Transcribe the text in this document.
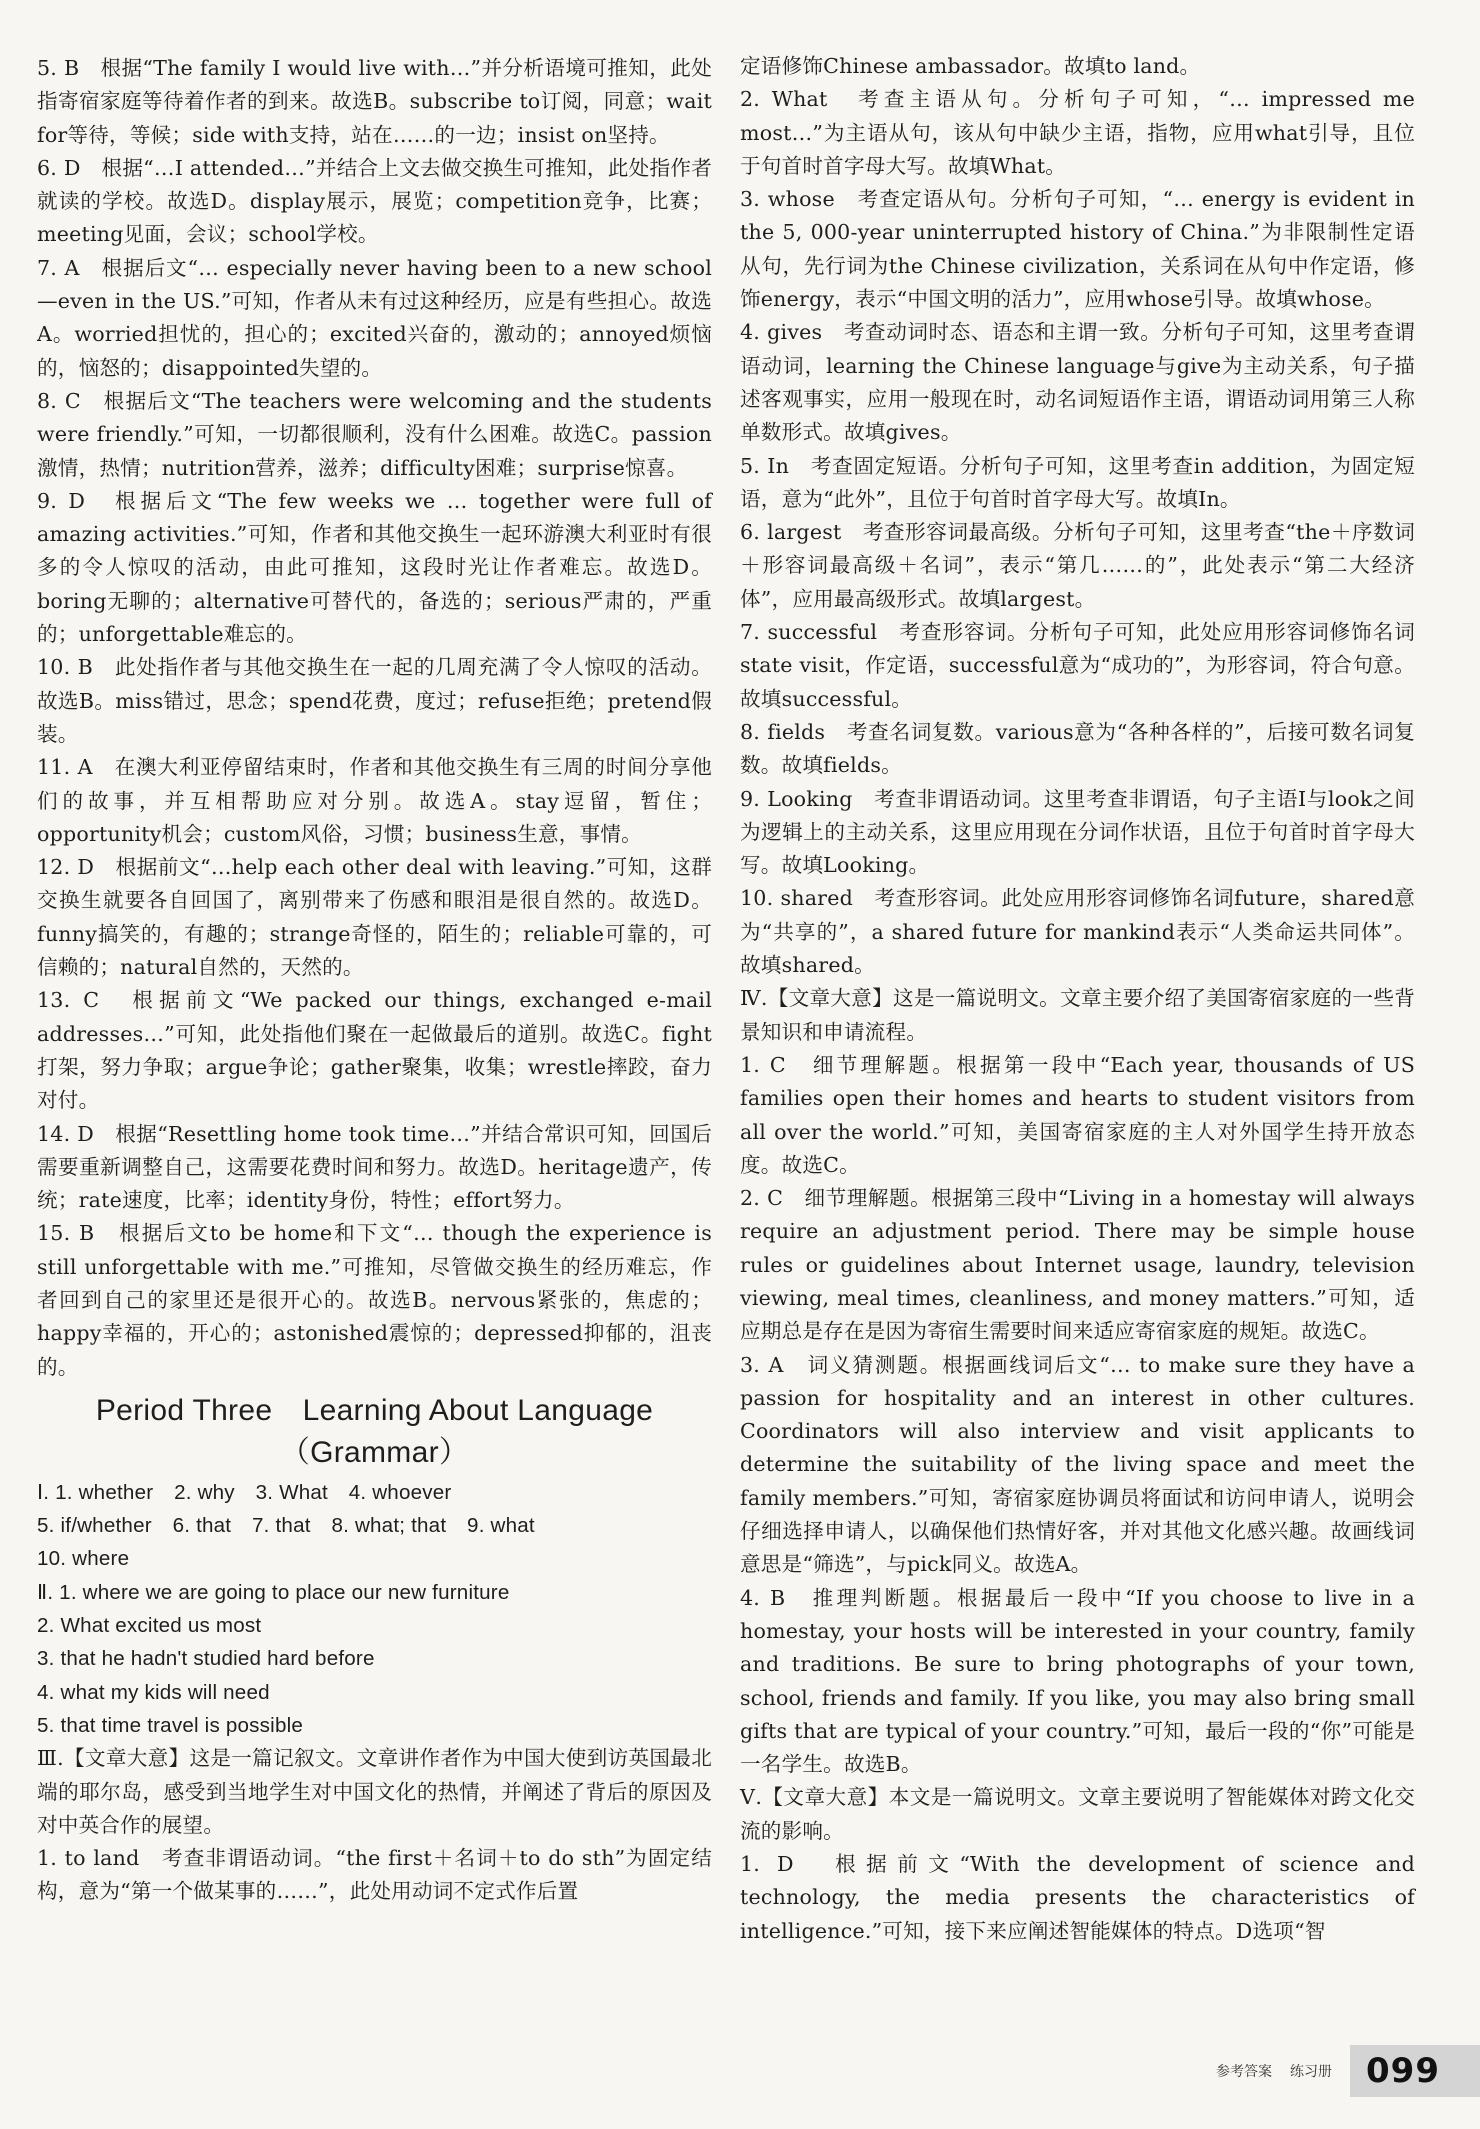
5. B　根据“The family I would live with…”并分析语境可推知，此处指寄宿家庭等待着作者的到来。故选B。subscribe to订阅，同意；wait for等待，等候；side with支持，站在……的一边；insist on坚持。

6. D　根据“…I attended…”并结合上文去做交换生可推知，此处指作者就读的学校。故选D。display展示，展览；competition竞争，比赛；meeting见面，会议；school学校。

7. A　根据后文“… especially never having been to a new school—even in the US.”可知，作者从未有过这种经历，应是有些担心。故选A。worried担忧的，担心的；excited兴奋的，激动的；annoyed烦恼的，恼怒的；disappointed失望的。

8. C　根据后文“The teachers were welcoming and the students were friendly.”可知，一切都很顺利，没有什么困难。故选C。passion激情，热情；nutrition营养，滋养；difficulty困难；surprise惊喜。

9. D　根据后文“The few weeks we … together were full of amazing activities.”可知，作者和其他交换生一起环游澳大利亚时有很多的令人惊叹的活动，由此可推知，这段时光让作者难忘。故选D。boring无聊的；alternative可替代的，备选的；serious严肃的，严重的；unforgettable难忘的。

10. B　此处指作者与其他交换生在一起的几周充满了令人惊叹的活动。故选B。miss错过，思念；spend花费，度过；refuse拒绝；pretend假装。

11. A　在澳大利亚停留结束时，作者和其他交换生有三周的时间分享他们的故事，并互相帮助应对分别。故选A。stay逗留，暂住；opportunity机会；custom风俗，习惯；business生意，事情。

12. D　根据前文“…help each other deal with leaving.”可知，这群交换生就要各自回国了，离别带来了伤感和眼泪是很自然的。故选D。funny搞笑的，有趣的；strange奇怪的，陌生的；reliable可靠的，可信赖的；natural自然的，天然的。

13. C　根据前文“We packed our things, exchanged e-mail addresses…”可知，此处指他们聚在一起做最后的道别。故选C。fight打架，努力争取；argue争论；gather聚集，收集；wrestle摔跤，奋力对付。

14. D　根据“Resettling home took time…”并结合常识可知，回国后需要重新调整自己，这需要花费时间和努力。故选D。heritage遗产，传统；rate速度，比率；identity身份，特性；effort努力。

15. B　根据后文to be home和下文“… though the experience is still unforgettable with me.”可推知，尽管做交换生的经历难忘，作者回到自己的家里还是很开心的。故选B。nervous紧张的，焦虑的；happy幸福的，开心的；astonished震惊的；depressed抑郁的，沮丧的。

Period Three　Learning About Language
（Grammar）

Ⅰ. 1. whether　2. why　3. What　4. whoever

5. if/whether　6. that　7. that　8. what; that　9. what

10. where

Ⅱ. 1. where we are going to place our new furniture

2. What excited us most

3. that he hadn't studied hard before

4. what my kids will need

5. that time travel is possible

Ⅲ.【文章大意】这是一篇记叙文。文章讲作者作为中国大使到访英国最北端的耶尔岛，感受到当地学生对中国文化的热情，并阐述了背后的原因及对中英合作的展望。

1. to land　考查非谓语动词。“the first＋名词＋to do sth”为固定结构，意为“第一个做某事的……”，此处用动词不定式作后置

定语修饰Chinese ambassador。故填to land。

2. What　考查主语从句。分析句子可知，“… impressed me most…”为主语从句，该从句中缺少主语，指物，应用what引导，且位于句首时首字母大写。故填What。

3. whose　考查定语从句。分析句子可知，“… energy is evident in the 5, 000-year uninterrupted history of China.”为非限制性定语从句，先行词为the Chinese civilization，关系词在从句中作定语，修饰energy，表示“中国文明的活力”，应用whose引导。故填whose。

4. gives　考查动词时态、语态和主谓一致。分析句子可知，这里考查谓语动词，learning the Chinese language与give为主动关系，句子描述客观事实，应用一般现在时，动名词短语作主语，谓语动词用第三人称单数形式。故填gives。

5. In　考查固定短语。分析句子可知，这里考查in addition，为固定短语，意为“此外”，且位于句首时首字母大写。故填In。

6. largest　考查形容词最高级。分析句子可知，这里考查“the＋序数词＋形容词最高级＋名词”，表示“第几……的”，此处表示“第二大经济体”，应用最高级形式。故填largest。

7. successful　考查形容词。分析句子可知，此处应用形容词修饰名词state visit，作定语，successful意为“成功的”，为形容词，符合句意。故填successful。

8. fields　考查名词复数。various意为“各种各样的”，后接可数名词复数。故填fields。

9. Looking　考查非谓语动词。这里考查非谓语，句子主语I与look之间为逻辑上的主动关系，这里应用现在分词作状语，且位于句首时首字母大写。故填Looking。

10. shared　考查形容词。此处应用形容词修饰名词future，shared意为“共享的”，a shared future for mankind表示“人类命运共同体”。故填shared。

Ⅳ.【文章大意】这是一篇说明文。文章主要介绍了美国寄宿家庭的一些背景知识和申请流程。

1. C　细节理解题。根据第一段中“Each year, thousands of US families open their homes and hearts to student visitors from all over the world.”可知，美国寄宿家庭的主人对外国学生持开放态度。故选C。

2. C　细节理解题。根据第三段中“Living in a homestay will always require an adjustment period. There may be simple house rules or guidelines about Internet usage, laundry, television viewing, meal times, cleanliness, and money matters.”可知，适应期总是存在是因为寄宿生需要时间来适应寄宿家庭的规矩。故选C。

3. A　词义猜测题。根据画线词后文“… to make sure they have a passion for hospitality and an interest in other cultures. Coordinators will also interview and visit applicants to determine the suitability of the living space and meet the family members.”可知，寄宿家庭协调员将面试和访问申请人，说明会仔细选择申请人，以确保他们热情好客，并对其他文化感兴趣。故画线词意思是“筛选”，与pick同义。故选A。

4. B　推理判断题。根据最后一段中“If you choose to live in a homestay, your hosts will be interested in your country, family and traditions. Be sure to bring photographs of your town, school, friends and family. If you like, you may also bring small gifts that are typical of your country.”可知，最后一段的“你”可能是一名学生。故选B。

Ⅴ.【文章大意】本文是一篇说明文。文章主要说明了智能媒体对跨文化交流的影响。

1. D　根据前文“With the development of science and technology, the media presents the characteristics of intelligence.”可知，接下来应阐述智能媒体的特点。D选项“智

参考答案 练习册	099
